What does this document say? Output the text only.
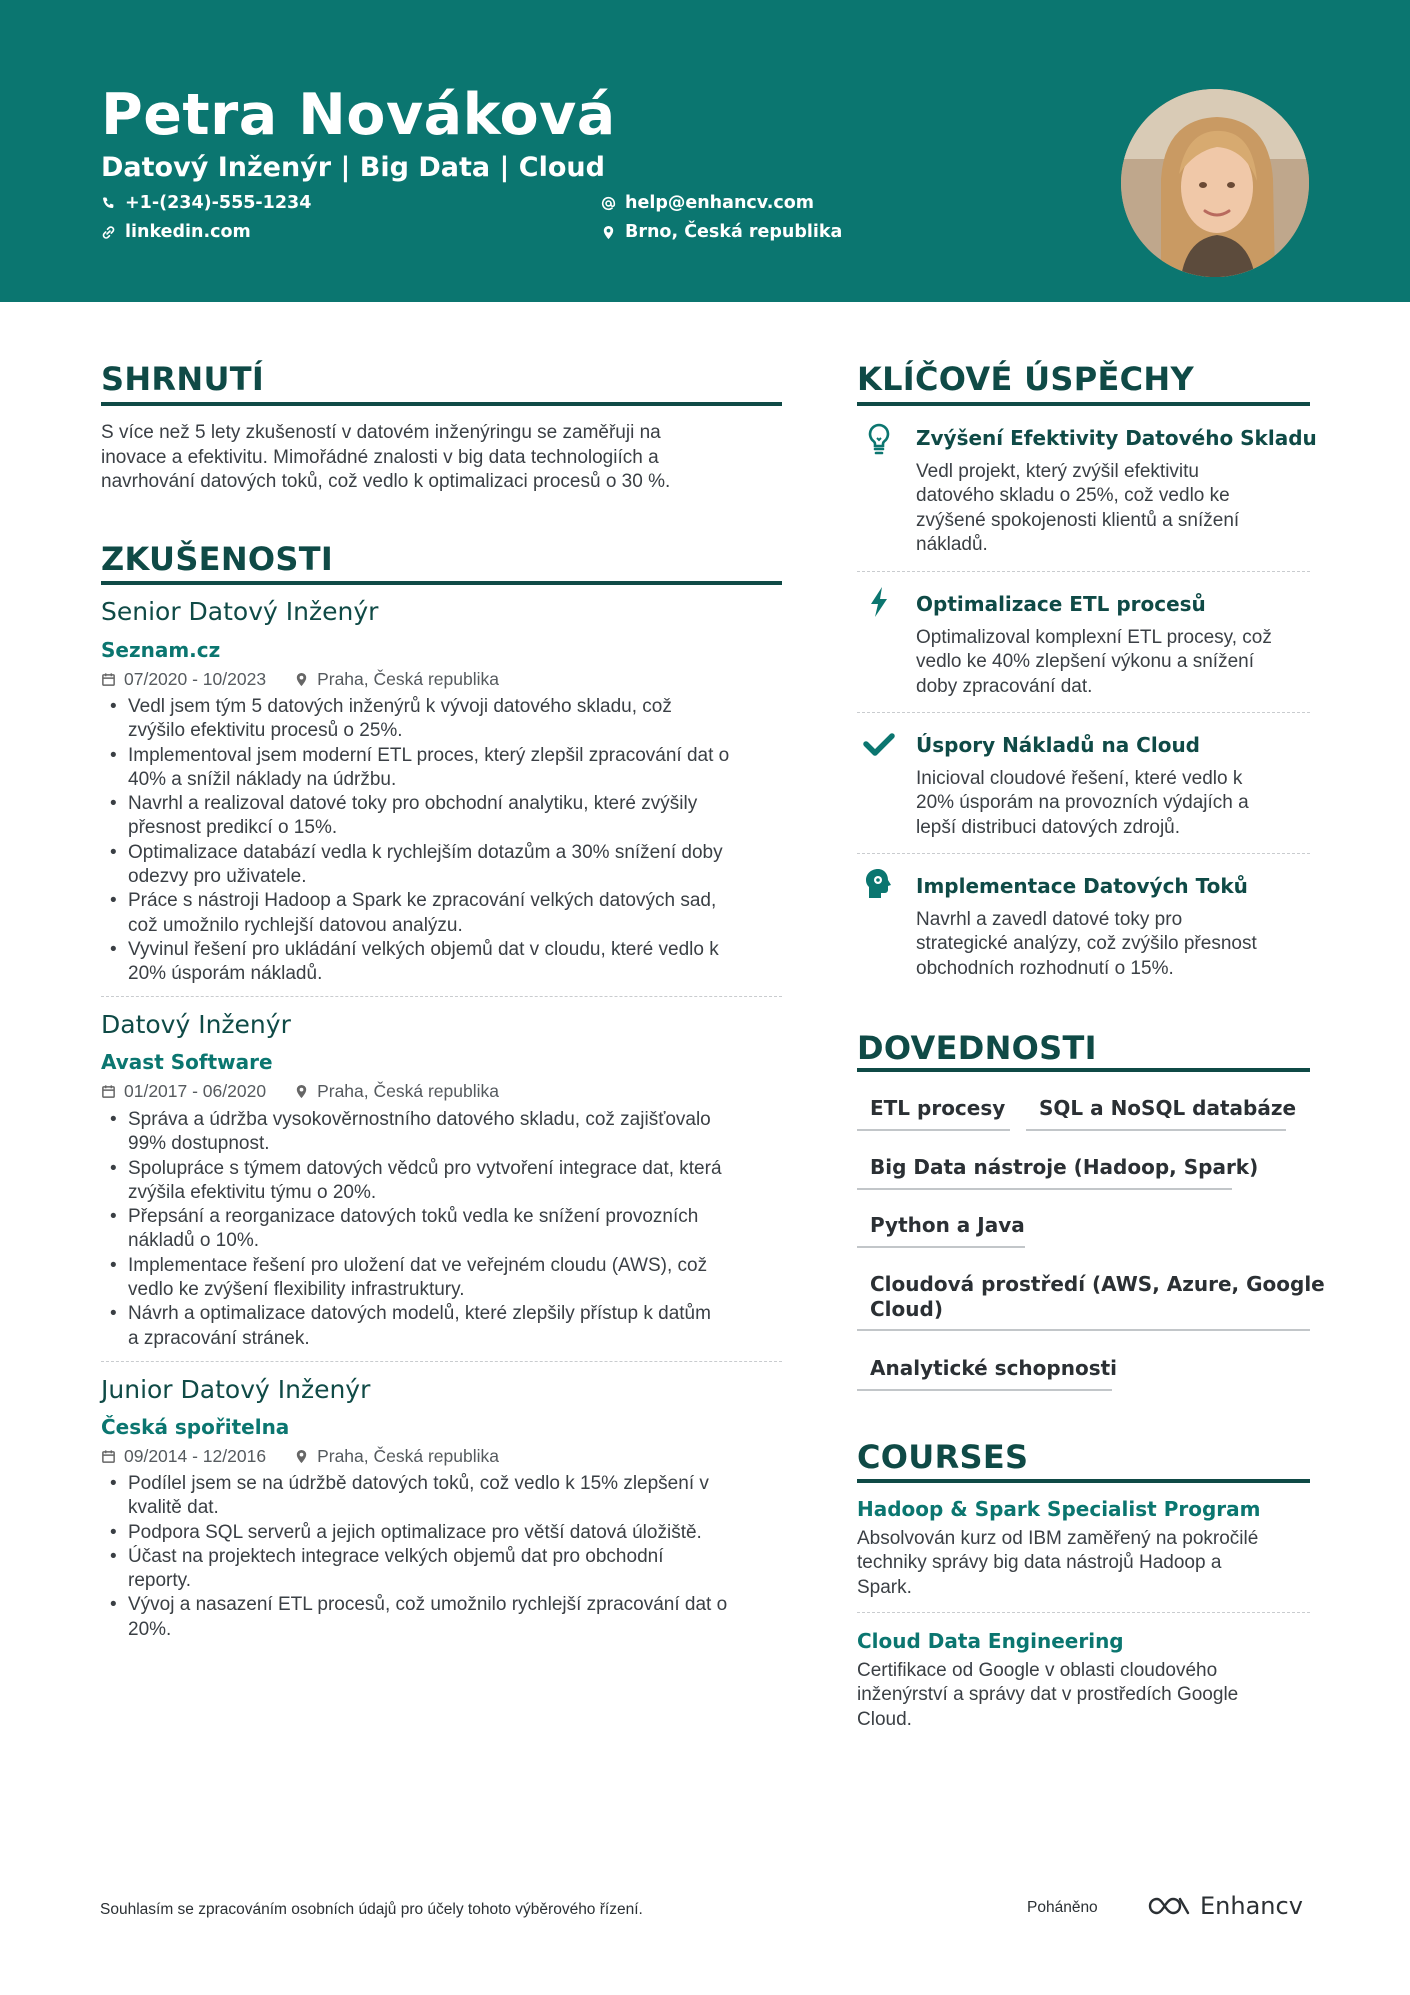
Petra Nováková
Datový Inženýr | Big Data | Cloud
+1-(234)-555-1234
linkedin.com
help@enhancv.com
Brno, Česká republika
SHRNUTÍ
S více než 5 lety zkušeností v datovém inženýringu se zaměřuji na
inovace a efektivitu. Mimořádné znalosti v big data technologiích a
navrhování datových toků, což vedlo k optimalizaci procesů o 30 %.
ZKUŠENOSTI
Senior Datový Inženýr
Seznam.cz
07/2020 - 10/2023	Praha, Česká republika
• Vedl jsem tým 5 datových inženýrů k vývoji datového skladu, což
zvýšilo efektivitu procesů o 25%.
• Implementoval jsem moderní ETL proces, který zlepšil zpracování dat o
40% a snížil náklady na údržbu.
• Navrhl a realizoval datové toky pro obchodní analytiku, které zvýšily
přesnost predikcí o 15%.
• Optimalizace databází vedla k rychlejším dotazům a 30% snížení doby
odezvy pro uživatele.
• Práce s nástroji Hadoop a Spark ke zpracování velkých datových sad,
což umožnilo rychlejší datovou analýzu.
• Vyvinul řešení pro ukládání velkých objemů dat v cloudu, které vedlo k
20% úsporám nákladů.
Datový Inženýr
Avast Software
01/2017 - 06/2020	Praha, Česká republika
• Správa a údržba vysokověrnostního datového skladu, což zajišťovalo
99% dostupnost.
• Spolupráce s týmem datových vědců pro vytvoření integrace dat, která
zvýšila efektivitu týmu o 20%.
• Přepsání a reorganizace datových toků vedla ke snížení provozních
nákladů o 10%.
• Implementace řešení pro uložení dat ve veřejném cloudu (AWS), což
vedlo ke zvýšení flexibility infrastruktury.
• Návrh a optimalizace datových modelů, které zlepšily přístup k datům
a zpracování stránek.
Junior Datový Inženýr
Česká spořitelna
09/2014 - 12/2016	Praha, Česká republika
• Podílel jsem se na údržbě datových toků, což vedlo k 15% zlepšení v
kvalitě dat.
• Podpora SQL serverů a jejich optimalizace pro větší datová úložiště.
• Účast na projektech integrace velkých objemů dat pro obchodní
reporty.
• Vývoj a nasazení ETL procesů, což umožnilo rychlejší zpracování dat o
20%.
KLÍČOVÉ ÚSPĚCHY
Zvýšení Efektivity Datového Skladu
Vedl projekt, který zvýšil efektivitu
datového skladu o 25%, což vedlo ke
zvýšené spokojenosti klientů a snížení
nákladů.
Optimalizace ETL procesů
Optimalizoval komplexní ETL procesy, což
vedlo ke 40% zlepšení výkonu a snížení
doby zpracování dat.
Úspory Nákladů na Cloud
Inicioval cloudové řešení, které vedlo k
20% úsporám na provozních výdajích a
lepší distribuci datových zdrojů.
Implementace Datových Toků
Navrhl a zavedl datové toky pro
strategické analýzy, což zvýšilo přesnost
obchodních rozhodnutí o 15%.
DOVEDNOSTI
ETL procesy	SQL a NoSQL databáze
Big Data nástroje (Hadoop, Spark)
Python a Java
Cloudová prostředí (AWS, Azure, Google
Cloud)
Analytické schopnosti
COURSES
Hadoop & Spark Specialist Program
Absolvován kurz od IBM zaměřený na pokročilé
techniky správy big data nástrojů Hadoop a
Spark.
Cloud Data Engineering
Certifikace od Google v oblasti cloudového
inženýrství a správy dat v prostředích Google
Cloud.
Souhlasím se zpracováním osobních údajů pro účely tohoto výběrového řízení.	Poháněno	Enhancv
